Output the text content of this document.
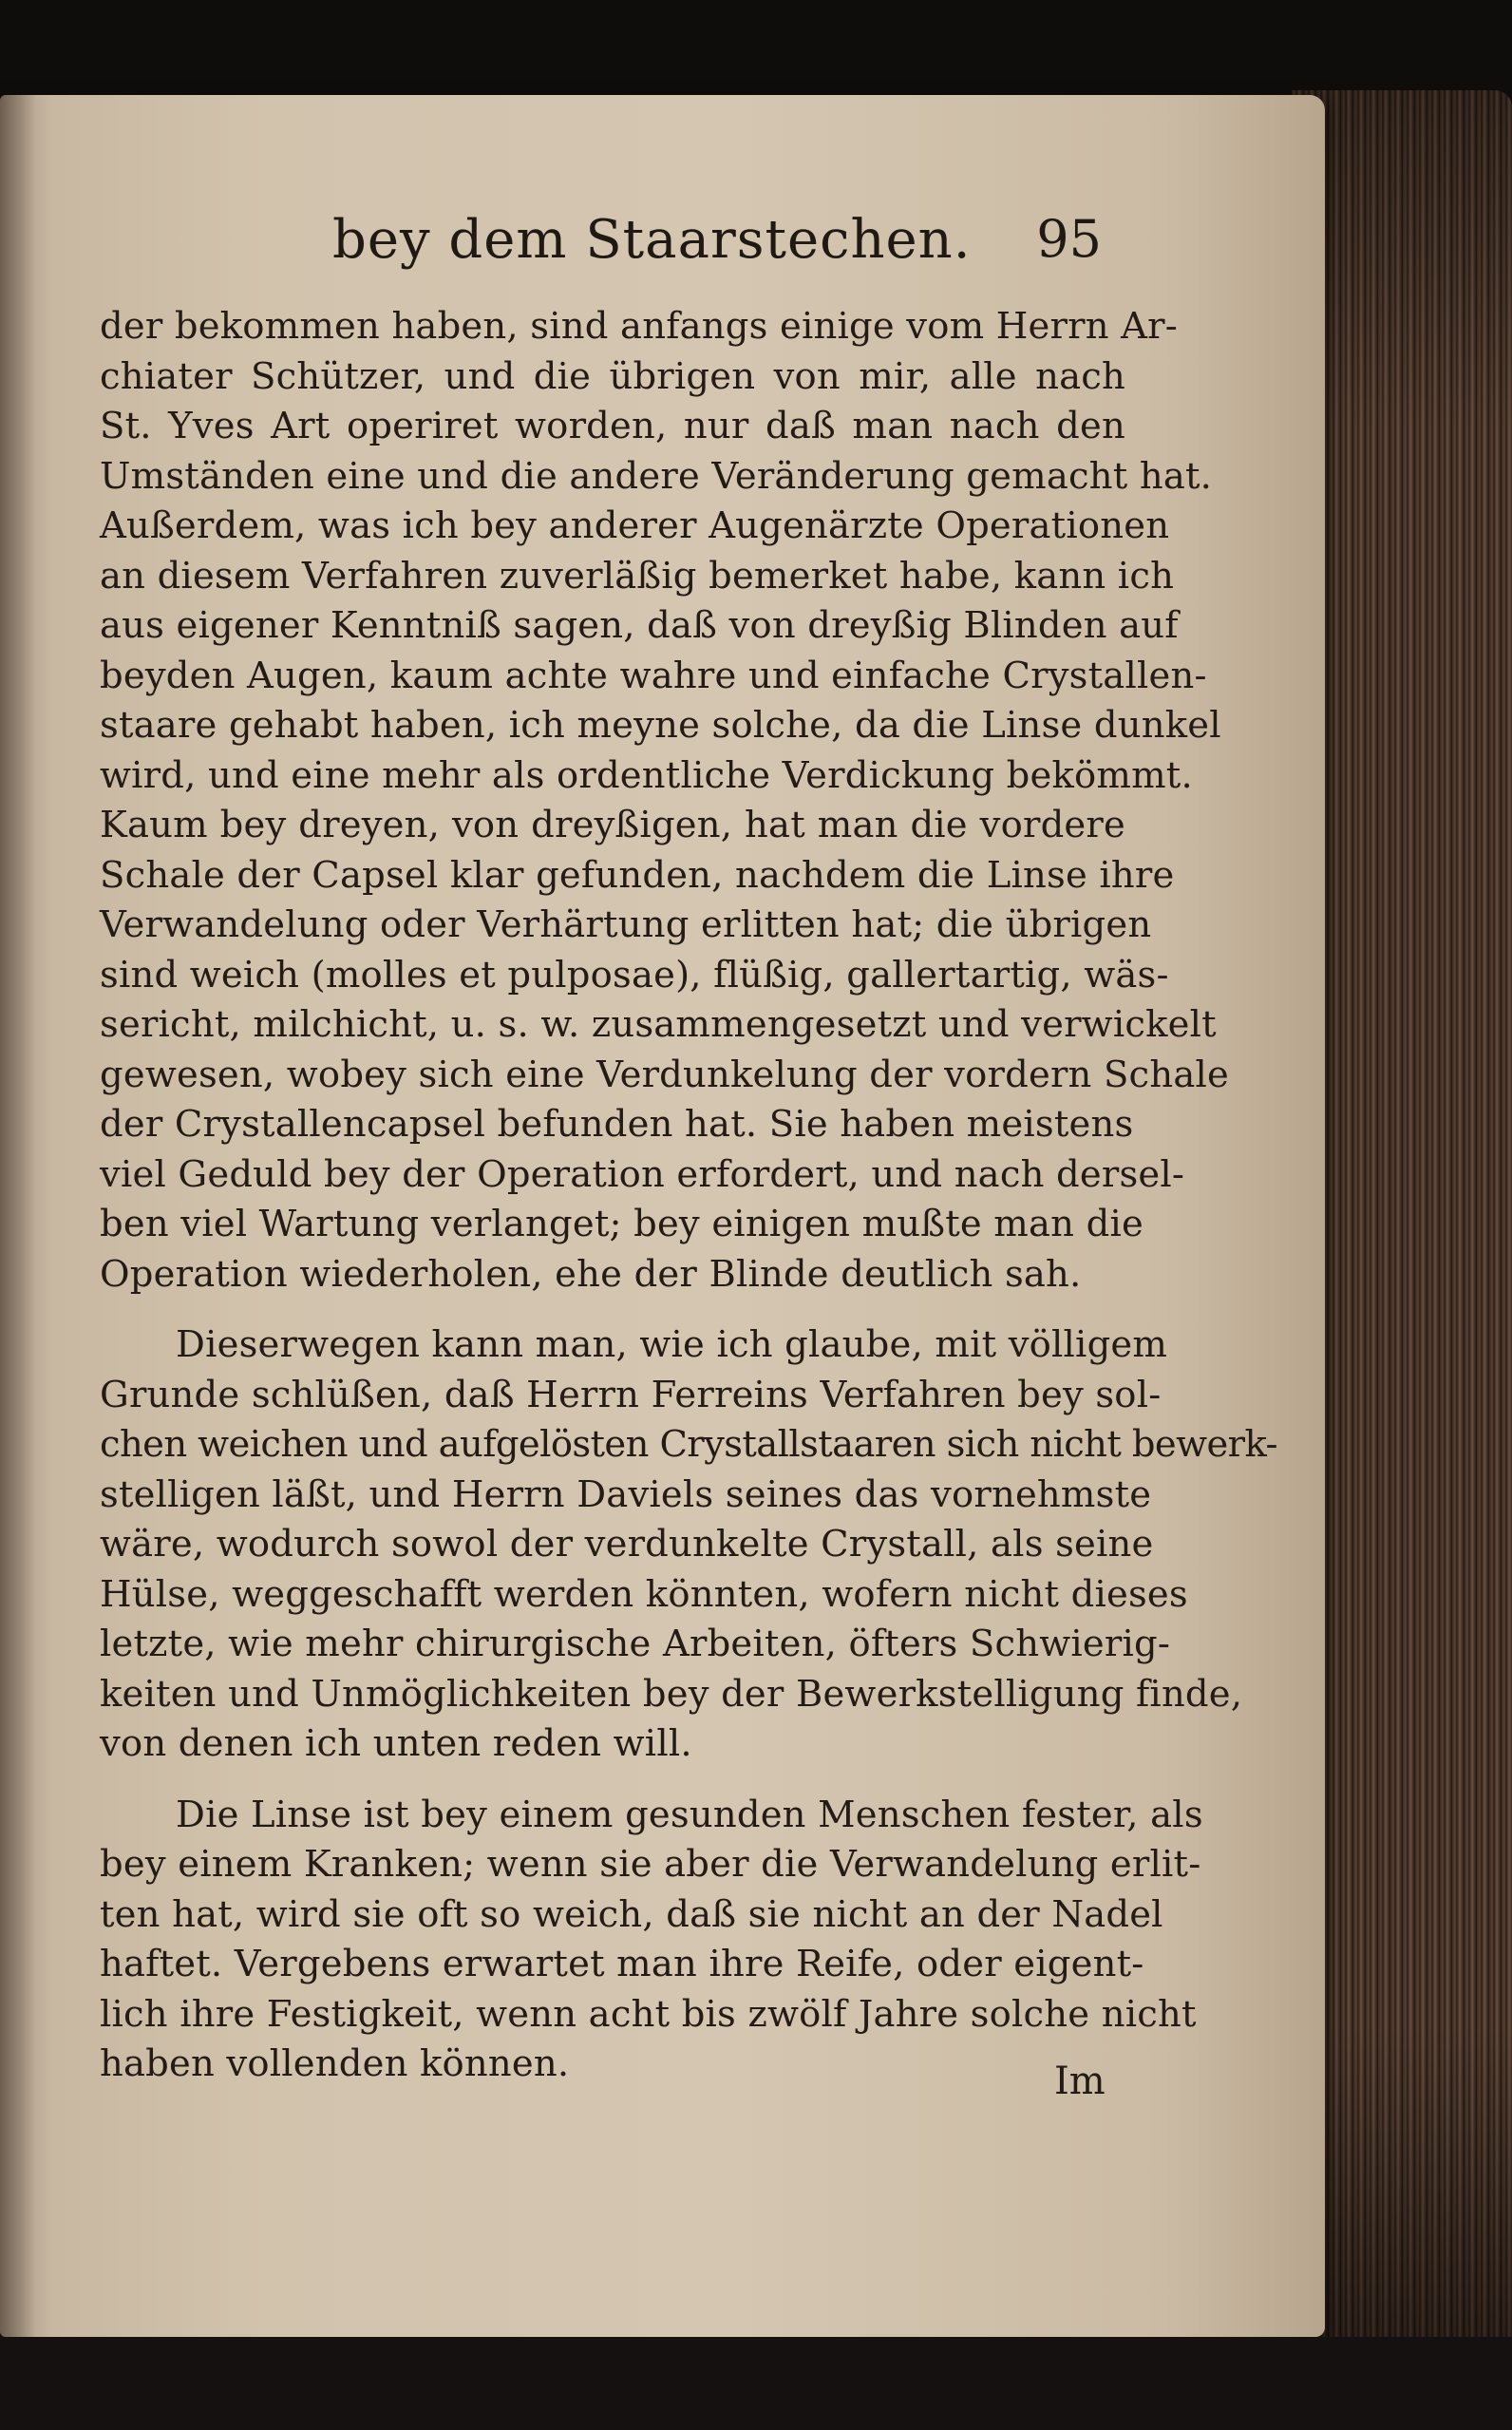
bey dem Staarstechen. 95
der bekommen haben, sind anfangs einige vom Herrn Ar-
chiater Schützer, und die übrigen von mir, alle nach
St. Yves Art operiret worden, nur daß man nach den
Umständen eine und die andere Veränderung gemacht hat.
Außerdem, was ich bey anderer Augenärzte Operationen
an diesem Verfahren zuverläßig bemerket habe, kann ich
aus eigener Kenntniß sagen, daß von dreyßig Blinden auf
beyden Augen, kaum achte wahre und einfache Crystallen-
staare gehabt haben, ich meyne solche, da die Linse dunkel
wird, und eine mehr als ordentliche Verdickung bekömmt.
Kaum bey dreyen, von dreyßigen, hat man die vordere
Schale der Capsel klar gefunden, nachdem die Linse ihre
Verwandelung oder Verhärtung erlitten hat; die übrigen
sind weich (molles et pulposae), flüßig, gallertartig, wäs-
sericht, milchicht, u. s. w. zusammengesetzt und verwickelt
gewesen, wobey sich eine Verdunkelung der vordern Schale
der Crystallencapsel befunden hat. Sie haben meistens
viel Geduld bey der Operation erfordert, und nach dersel-
ben viel Wartung verlanget; bey einigen mußte man die
Operation wiederholen, ehe der Blinde deutlich sah.
Dieserwegen kann man, wie ich glaube, mit völligem
Grunde schlüßen, daß Herrn Ferreins Verfahren bey sol-
chen weichen und aufgelösten Crystallstaaren sich nicht bewerk-
stelligen läßt, und Herrn Daviels seines das vornehmste
wäre, wodurch sowol der verdunkelte Crystall, als seine
Hülse, weggeschafft werden könnten, wofern nicht dieses
letzte, wie mehr chirurgische Arbeiten, öfters Schwierig-
keiten und Unmöglichkeiten bey der Bewerkstelligung finde,
von denen ich unten reden will.
Die Linse ist bey einem gesunden Menschen fester, als
bey einem Kranken; wenn sie aber die Verwandelung erlit-
ten hat, wird sie oft so weich, daß sie nicht an der Nadel
haftet. Vergebens erwartet man ihre Reife, oder eigent-
lich ihre Festigkeit, wenn acht bis zwölf Jahre solche nicht
haben vollenden können.	Im
